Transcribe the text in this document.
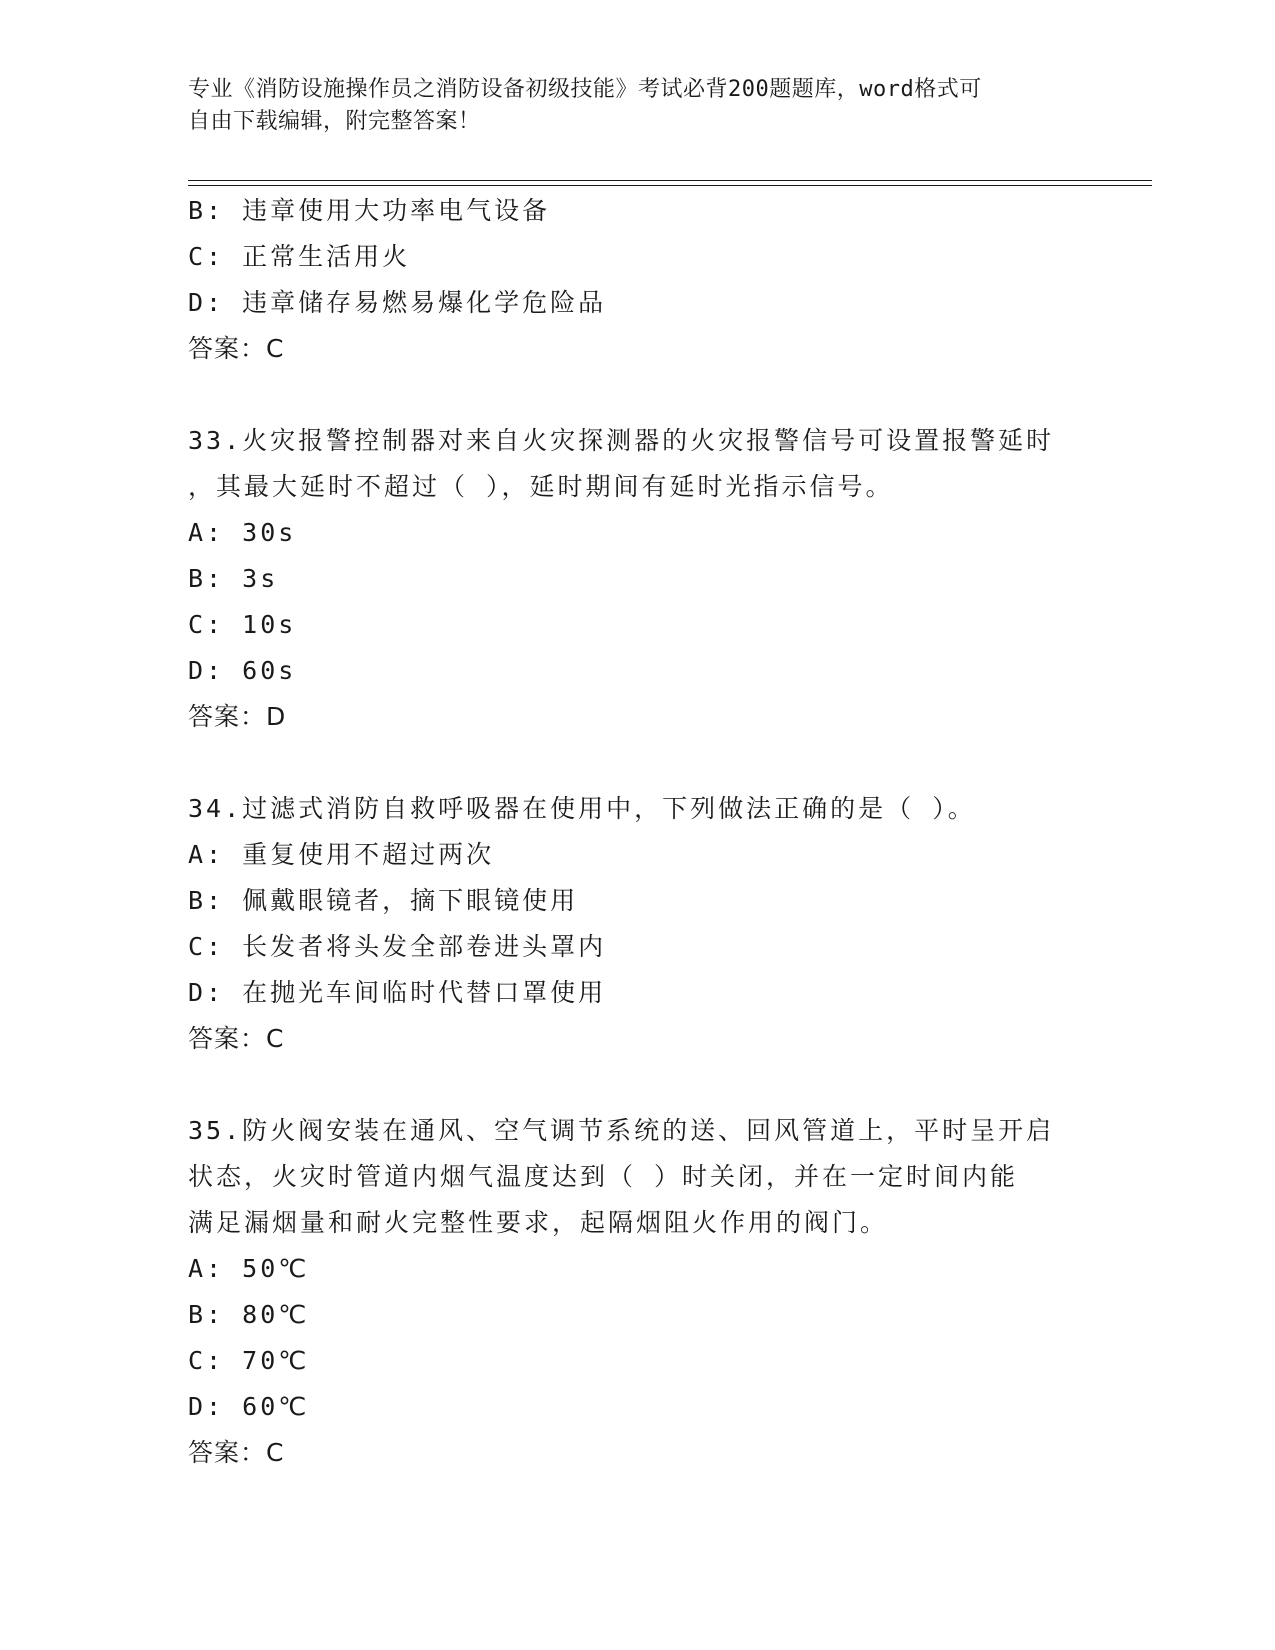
专业《消防设施操作员之消防设备初级技能》考试必背200题题库，word格式可
自由下载编辑，附完整答案！
B: 违章使用大功率电气设备
C: 正常生活用火
D: 违章储存易燃易爆化学危险品
答案：C
33.火灾报警控制器对来自火灾探测器的火灾报警信号可设置报警延时
，其最大延时不超过（ ），延时期间有延时光指示信号。
A: 30s
B: 3s
C: 10s
D: 60s
答案：D
34.过滤式消防自救呼吸器在使用中，下列做法正确的是（ ）。
A: 重复使用不超过两次
B: 佩戴眼镜者，摘下眼镜使用
C: 长发者将头发全部卷进头罩内
D: 在抛光车间临时代替口罩使用
答案：C
35.防火阀安装在通风、空气调节系统的送、回风管道上，平时呈开启
状态，火灾时管道内烟气温度达到（ ）时关闭，并在一定时间内能
满足漏烟量和耐火完整性要求，起隔烟阻火作用的阀门。
A: 50℃
B: 80℃
C: 70℃
D: 60℃
答案：C
